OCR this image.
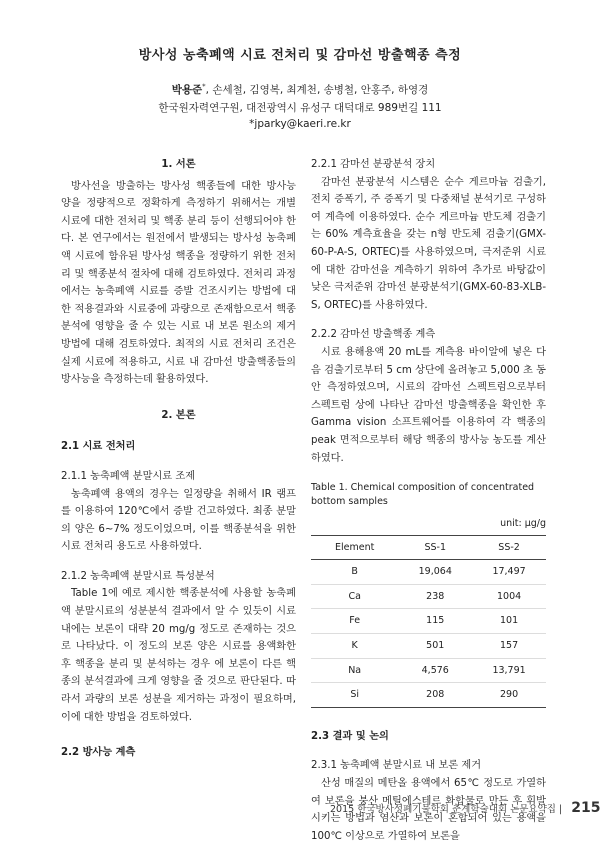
방사성 농축폐액 시료 전처리 및 감마선 방출핵종 측정
박용준*, 손세철, 김영복, 최계천, 송병철, 안홍주, 하영경
한국원자력연구원, 대전광역시 유성구 대덕대로 989번길 111
*jparky@kaeri.re.kr
1. 서론

방사선을 방출하는 방사성 핵종들에 대한 방사능 양을 정량적으로 정확하게 측정하기 위해서는 개별 시료에 대한 전처리 및 핵종 분리 등이 선행되어야 한다. 본 연구에서는 원전에서 발생되는 방사성 농축폐액 시료에 함유된 방사성 핵종을 정량하기 위한 전처리 및 핵종분석 절차에 대해 검토하였다. 전처리 과정에서는 농축폐액 시료를 증발 건조시키는 방법에 대한 적용결과와 시료중에 과량으로 존재함으로서 핵종분석에 영향을 줄 수 있는 시료 내 보론 원소의 제거 방법에 대해 검토하였다. 최적의 시료 전처리 조건은 실제 시료에 적용하고, 시료 내 감마선 방출핵종들의 방사능을 측정하는데 활용하였다.

2. 본론
2.1 시료 전처리
2.1.1 농축폐액 분말시료 조제

농축폐액 용액의 경우는 일정량을 취해서 IR 램프를 이용하여 120℃에서 증발 건고하였다. 최종 분말의 양은 6~7% 정도이었으며, 이를 핵종분석을 위한 시료 전처리 용도로 사용하였다.

2.1.2 농축폐액 분말시료 특성분석

Table 1에 예로 제시한 핵종분석에 사용할 농축폐액 분말시료의 성분분석 결과에서 알 수 있듯이 시료 내에는 보론이 대략 20 mg/g 정도로 존재하는 것으로 나타났다. 이 정도의 보론 양은 시료를 용액화한 후 핵종을 분리 및 분석하는 경우 에 보론이 다른 핵종의 분석결과에 크게 영향을 줄 것으로 판단된다. 따라서 과량의 보론 성분을 제거하는 과정이 필요하며, 이에 대한 방법을 검토하였다.

2.2 방사능 계측
2.2.1 감마선 분광분석 장치

감마선 분광분석 시스템은 순수 게르마늄 검출기, 전치 증폭기, 주 증폭기 및 다중채널 분석기로 구성하여 계측에 이용하였다. 순수 게르마늄 반도체 검출기는 60% 계측효율을 갖는 n형 반도체 검출기(GMX-60-P-A-S, ORTEC)를 사용하였으며, 극저준위 시료에 대한 감마선을 계측하기 위하여 추가로 바탕값이 낮은 극저준위 감마선 분광분석기(GMX-60-83-XLB-S, ORTEC)를 사용하였다.

2.2.2 감마선 방출핵종 계측

시료 용해용액 20 mL를 계측용 바이알에 넣은 다음 검출기로부터 5 cm 상단에 올려놓고 5,000 초 동안 측정하였으며, 시료의 감마선 스펙트럼으로부터 스펙트럼 상에 나타난 감마선 방출핵종을 확인한 후 Gamma vision 소프트웨어를 이용하여 각 핵종의 peak 면적으로부터 해당 핵종의 방사능 농도를 계산하였다.

Table 1. Chemical composition of concentrated bottom samples
unit: μg/g
Element	SS-1	SS-2
B	19,064	17,497
Ca	238	1004
Fe	115	101
K	501	157
Na	4,576	13,791
Si	208	290
2.3 결과 및 논의
2.3.1 농축폐액 분말시료 내 보론 제거

산성 매질의 메탄올 용액에서 65℃ 정도로 가열하여 보론을 붕산 메틸에스테르 화합물로 만든 후 휘발시키는 방법과 염산과 보론이 혼합되어 있는 용액을 100℃ 이상으로 가열하여 보론을

2015 한국방사성폐기물학회 춘계학술대회 논문요약집 | 215
